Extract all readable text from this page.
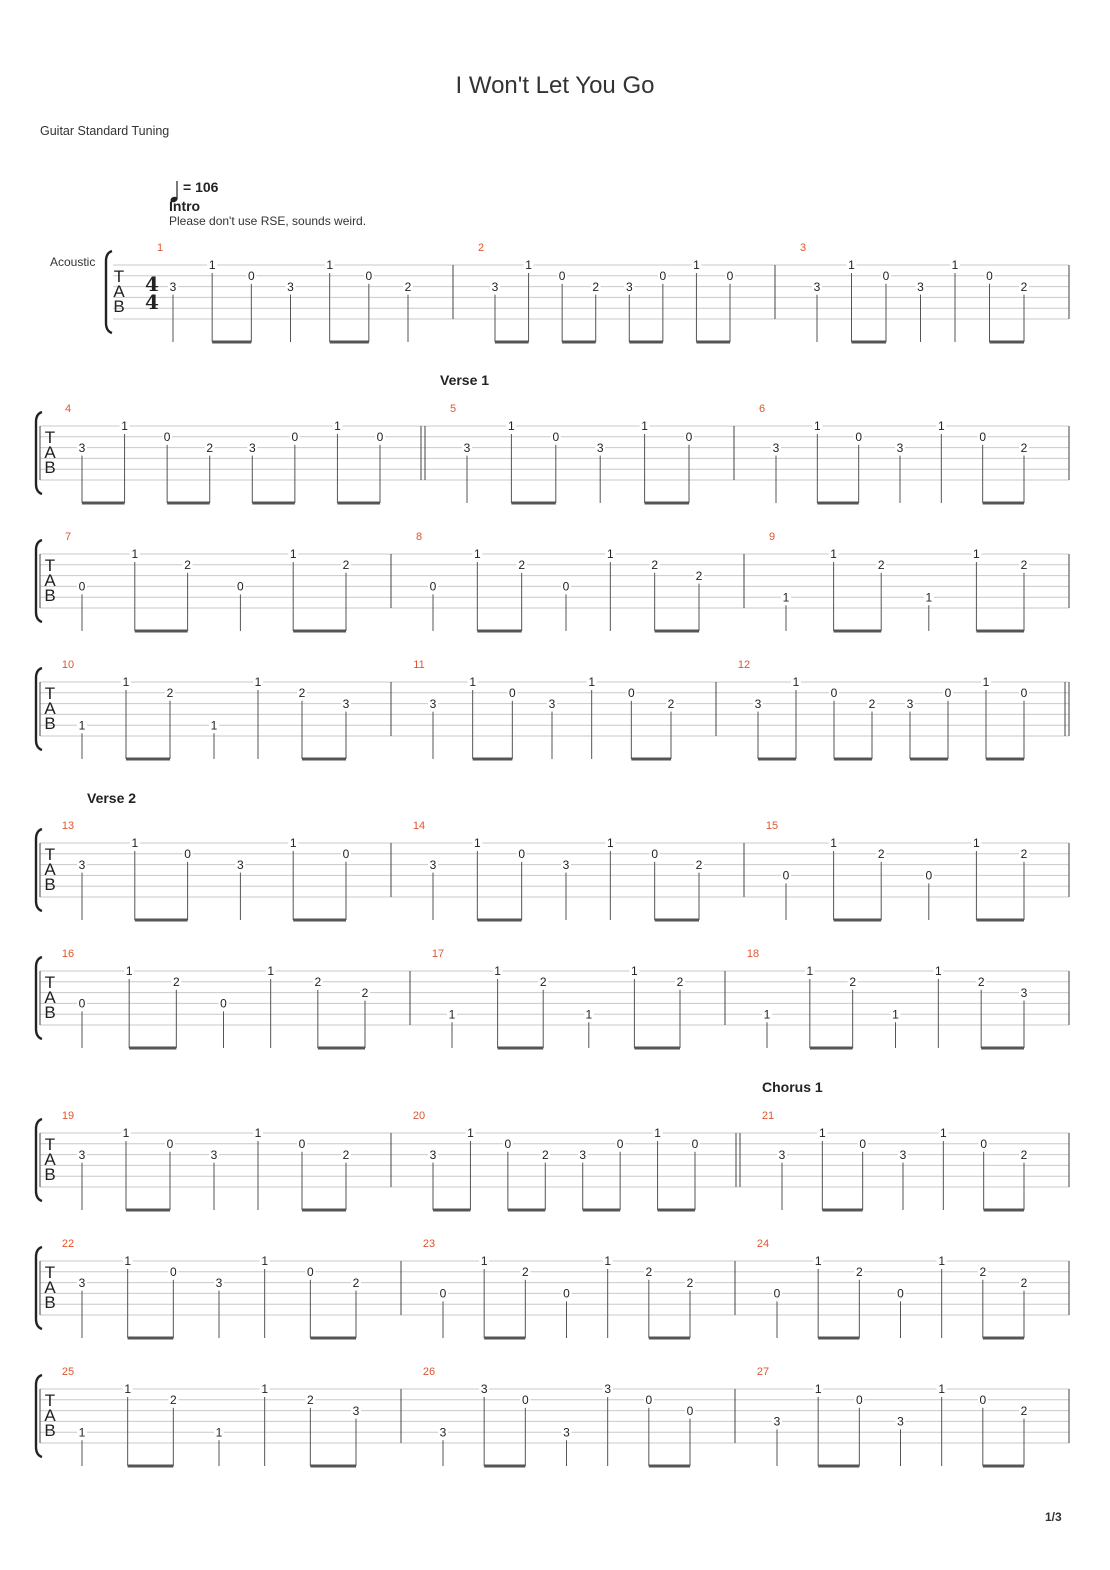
I Won't Let You Go
Guitar Standard Tuning
= 106
Intro
Please don't use RSE, sounds weird.
Acoustic
Verse 1
Verse 2
Chorus 1
T
A
B
4
4
1
3
1
0
3
1
0
2
2
3
1
0
2 3
0
1
0
3
3
1
0
3
1
0
2
T
A
B
4
3
1
0
2	3
0
1
0
5
3
1
0
3
1
0
6
3
1
0
3
1
0
2
T
A
B
7
0
1
2
0
1
2
8
0
1
2
0
1
2
2
9
1
1
2
1
1
2
T
A
B
10
1
1
2
1
1
2
3
11
3
1
0
3
1
0
2
12
3
1
0
2	3
0
1
0
T
A
B
13
3
1
0
3
1
0
14
3
1
0
3
1
0
2
15
0
1
2
0
1
2
T
A
B
16
0
1
2
0
1
2
2
17
1
1
2
1
1
2
18
1
1
2
1
1
2
3
T
A
B
19
3
1
0
3
1
0
2
20
3
1
0
2	3
0
1
0
21
3
1
0
3
1
0
2
T
A
B
22
3
1
0
3
1
0
2
23
0
1
2
0
1
2
2
24
0
1
2
0
1
2
2
T
A
B
25
1
1
2
1
1
2
3
26
3
3
0
3
3
0
0
27
3
1
0
3
1
0
2
1/3
